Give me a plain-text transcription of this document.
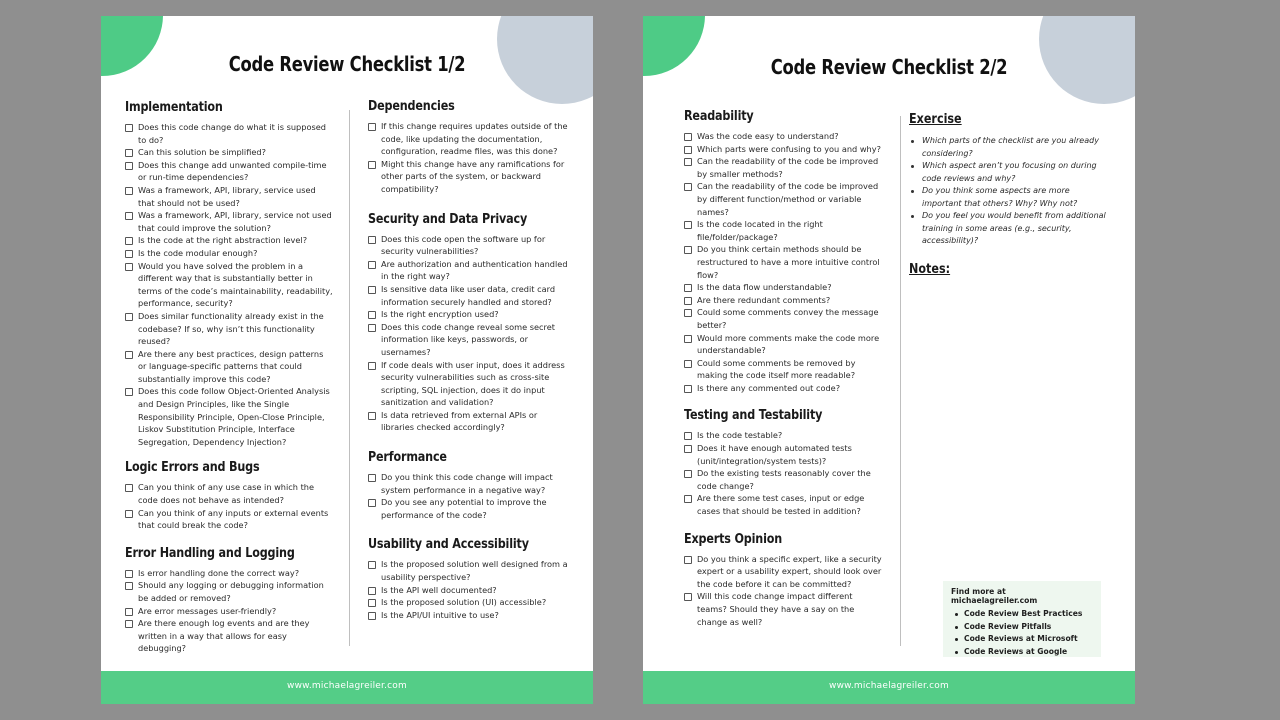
Code Review Checklist 1/2
Implementation
Does this code change do what it is supposed to do?
Can this solution be simplified?
Does this change add unwanted compile-time or run-time dependencies?
Was a framework, API, library, service used that should not be used?
Was a framework, API, library, service not used that could improve the solution?
Is the code at the right abstraction level?
Is the code modular enough?
Would you have solved the problem in a different way that is substantially better in terms of the code’s maintainability, readability, performance, security?
Does similar functionality already exist in the codebase? If so, why isn’t this functionality reused?
Are there any best practices, design patterns or language-specific patterns that could substantially improve this code?
Does this code follow Object-Oriented Analysis and Design Principles, like the Single Responsibility Principle, Open-Close Principle, Liskov Substitution Principle, Interface Segregation, Dependency Injection?
Logic Errors and Bugs
Can you think of any use case in which the code does not behave as intended?
Can you think of any inputs or external events that could break the code?
Error Handling and Logging
Is error handling done the correct way?
Should any logging or debugging information be added or removed?
Are error messages user-friendly?
Are there enough log events and are they written in a way that allows for easy debugging?
Dependencies
If this change requires updates outside of the code, like updating the documentation, configuration, readme files, was this done?
Might this change have any ramifications for other parts of the system, or backward compatibility?
Security and Data Privacy
Does this code open the software up for security vulnerabilities?
Are authorization and authentication handled in the right way?
Is sensitive data like user data, credit card information securely handled and stored?
Is the right encryption used?
Does this code change reveal some secret information like keys, passwords, or usernames?
If code deals with user input, does it address security vulnerabilities such as cross-site scripting, SQL injection, does it do input sanitization and validation?
Is data retrieved from external APIs or libraries checked accordingly?
Performance
Do you think this code change will impact system performance in a negative way?
Do you see any potential to improve the performance of the code?
Usability and Accessibility
Is the proposed solution well designed from a usability perspective?
Is the API well documented?
Is the proposed solution (UI) accessible?
Is the API/UI intuitive to use?
www.michaelagreiler.com
Code Review Checklist 2/2
Readability
Was the code easy to understand?
Which parts were confusing to you and why?
Can the readability of the code be improved by smaller methods?
Can the readability of the code be improved by different function/method or variable names?
Is the code located in the right file/folder/package?
Do you think certain methods should be restructured to have a more intuitive control flow?
Is the data flow understandable?
Are there redundant comments?
Could some comments convey the message better?
Would more comments make the code more understandable?
Could some comments be removed by making the code itself more readable?
Is there any commented out code?
Testing and Testability
Is the code testable?
Does it have enough automated tests (unit/integration/system tests)?
Do the existing tests reasonably cover the code change?
Are there some test cases, input or edge cases that should be tested in addition?
Experts Opinion
Do you think a specific expert, like a security expert or a usability expert, should look over the code before it can be committed?
Will this code change impact different teams? Should they have a say on the change as well?
Exercise
Which parts of the checklist are you already considering?
Which aspect aren’t you focusing on during code reviews and why?
Do you think some aspects are more important that others? Why? Why not?
Do you feel you would benefit from additional training in some areas (e.g., security, accessibility)?
Notes:
Find more at michaelagreiler.com
Code Review Best Practices
Code Review Pitfalls
Code Reviews at Microsoft
Code Reviews at Google
www.michaelagreiler.com
